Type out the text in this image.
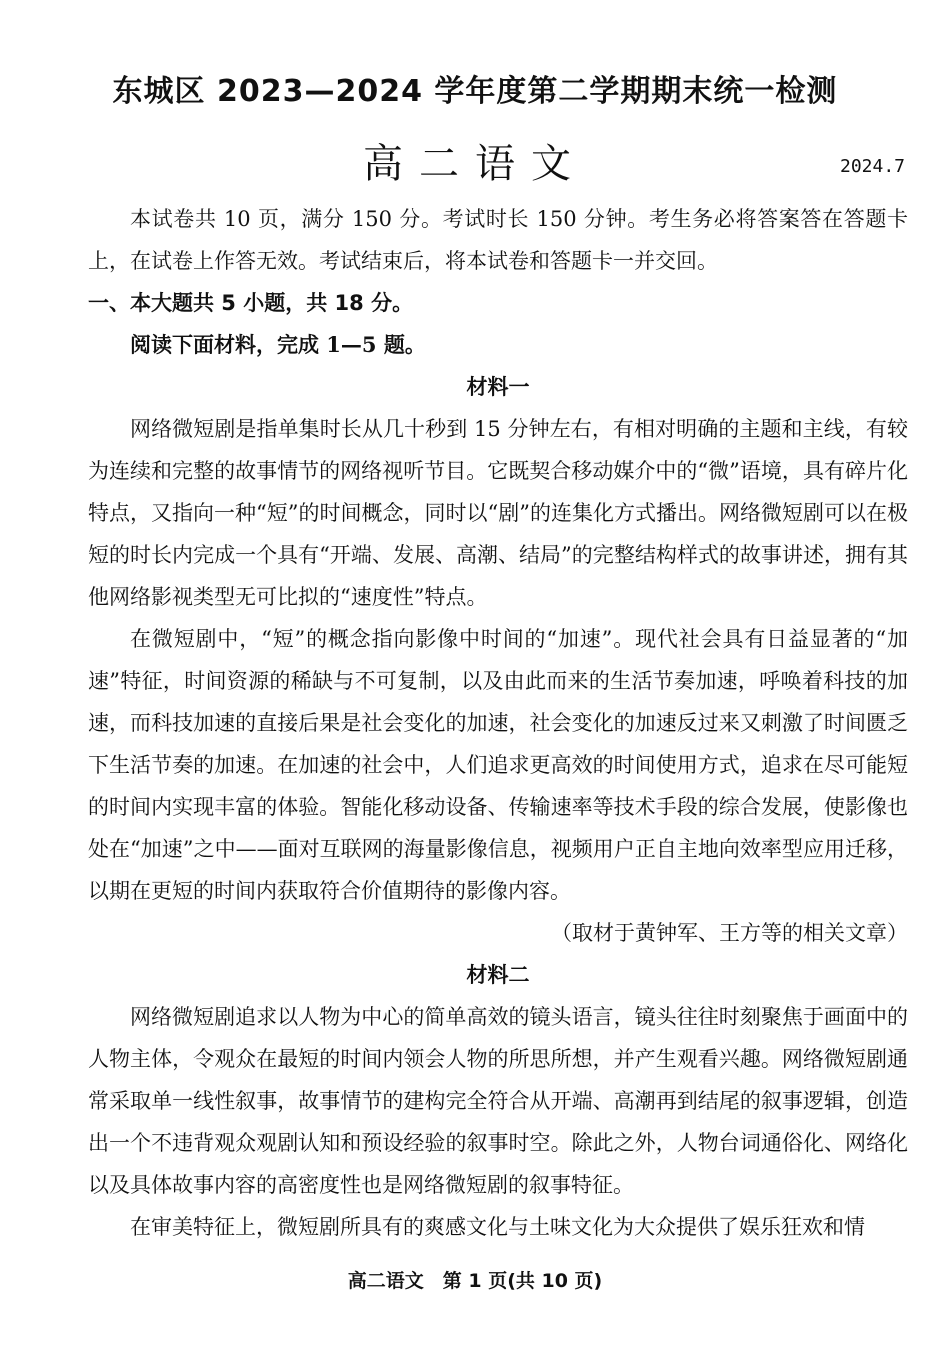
东城区 2023—2024 学年度第二学期期末统一检测
高二语文	2024.7

本试卷共 10 页，满分 150 分。考试时长 150 分钟。考生务必将答案答在答题卡上，在试卷上作答无效。考试结束后，将本试卷和答题卡一并交回。

一、本大题共 5 小题，共 18 分。

阅读下面材料，完成 1—5 题。

材料一

网络微短剧是指单集时长从几十秒到 15 分钟左右，有相对明确的主题和主线，有较为连续和完整的故事情节的网络视听节目。它既契合移动媒介中的“微”语境，具有碎片化特点，又指向一种“短”的时间概念，同时以“剧”的连集化方式播出。网络微短剧可以在极短的时长内完成一个具有“开端、发展、高潮、结局”的完整结构样式的故事讲述，拥有其他网络影视类型无可比拟的“速度性”特点。

在微短剧中，“短”的概念指向影像中时间的“加速”。现代社会具有日益显著的“加速”特征，时间资源的稀缺与不可复制，以及由此而来的生活节奏加速，呼唤着科技的加速，而科技加速的直接后果是社会变化的加速，社会变化的加速反过来又刺激了时间匮乏下生活节奏的加速。在加速的社会中，人们追求更高效的时间使用方式，追求在尽可能短的时间内实现丰富的体验。智能化移动设备、传输速率等技术手段的综合发展，使影像也处在“加速”之中——面对互联网的海量影像信息，视频用户正自主地向效率型应用迁移，以期在更短的时间内获取符合价值期待的影像内容。

（取材于黄钟军、王方等的相关文章）

材料二

网络微短剧追求以人物为中心的简单高效的镜头语言，镜头往往时刻聚焦于画面中的人物主体，令观众在最短的时间内领会人物的所思所想，并产生观看兴趣。网络微短剧通常采取单一线性叙事，故事情节的建构完全符合从开端、高潮再到结尾的叙事逻辑，创造出一个不违背观众观剧认知和预设经验的叙事时空。除此之外，人物台词通俗化、网络化以及具体故事内容的高密度性也是网络微短剧的叙事特征。

在审美特征上，微短剧所具有的爽感文化与土味文化为大众提供了娱乐狂欢和情

高二语文　第 1 页(共 10 页)
